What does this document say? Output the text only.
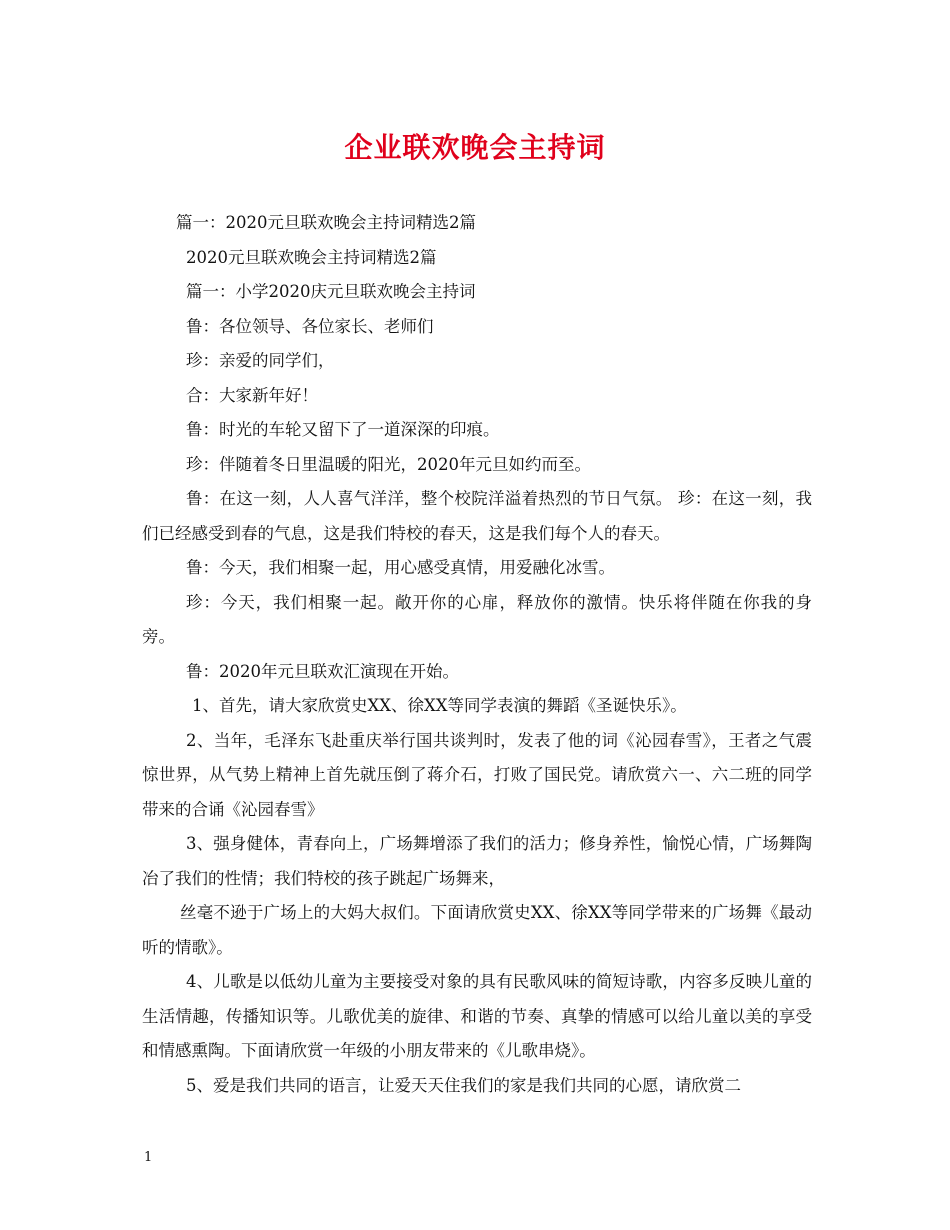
企业联欢晚会主持词

篇一：2020元旦联欢晚会主持词精选2篇

2020元旦联欢晚会主持词精选2篇

篇一：小学2020庆元旦联欢晚会主持词

鲁：各位领导、各位家长、老师们

珍：亲爱的同学们，

合：大家新年好！

鲁：时光的车轮又留下了一道深深的印痕。

珍：伴随着冬日里温暖的阳光，2020年元旦如约而至。

鲁：在这一刻，人人喜气洋洋，整个校院洋溢着热烈的节日气氛。 珍：在这一刻，我们已经感受到春的气息，这是我们特校的春天，这是我们每个人的春天。

鲁：今天，我们相聚一起，用心感受真情，用爱融化冰雪。

珍：今天，我们相聚一起。敞开你的心扉，释放你的激情。快乐将伴随在你我的身旁。

鲁：2020年元旦联欢汇演现在开始。

1、首先，请大家欣赏史XX、徐XX等同学表演的舞蹈《圣诞快乐》。

2、当年，毛泽东飞赴重庆举行国共谈判时，发表了他的词《沁园春雪》，王者之气震惊世界，从气势上精神上首先就压倒了蒋介石，打败了国民党。请欣赏六一、六二班的同学带来的合诵《沁园春雪》

3、强身健体，青春向上，广场舞增添了我们的活力；修身养性，愉悦心情，广场舞陶冶了我们的性情；我们特校的孩子跳起广场舞来，

丝毫不逊于广场上的大妈大叔们。下面请欣赏史XX、徐XX等同学带来的广场舞《最动听的情歌》。

4、儿歌是以低幼儿童为主要接受对象的具有民歌风味的简短诗歌，内容多反映儿童的生活情趣，传播知识等。儿歌优美的旋律、和谐的节奏、真挚的情感可以给儿童以美的享受和情感熏陶。下面请欣赏一年级的小朋友带来的《儿歌串烧》。

5、爱是我们共同的语言，让爱天天住我们的家是我们共同的心愿，请欣赏二

1
